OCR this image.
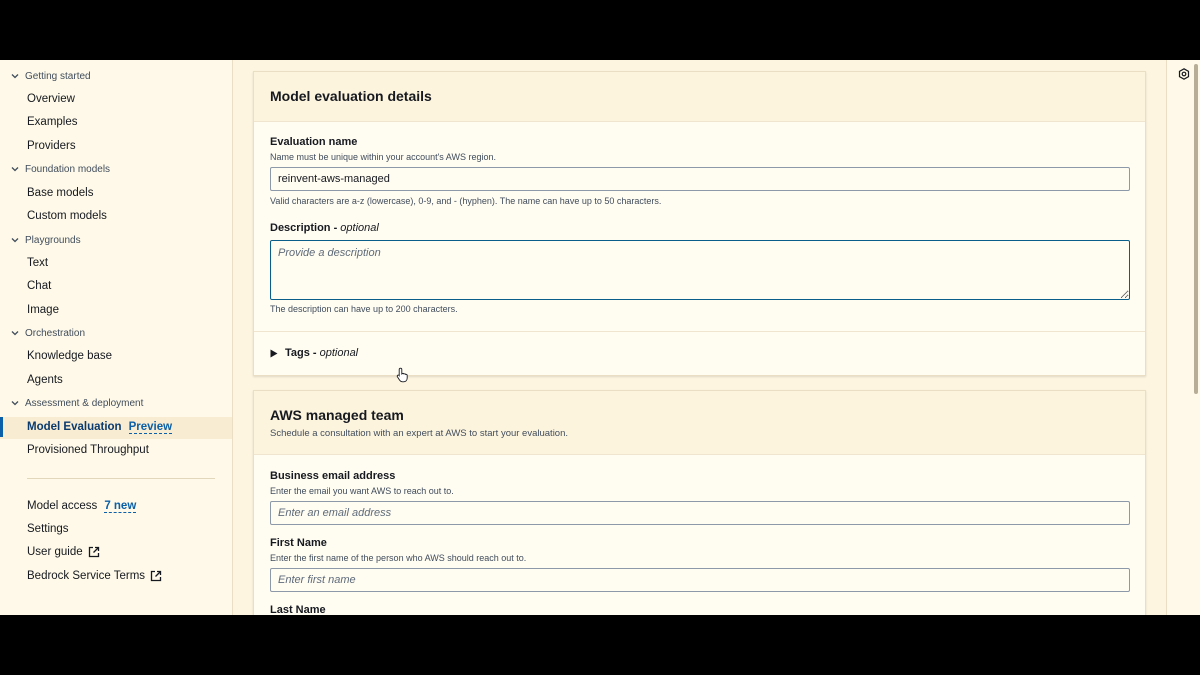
Getting started
Overview
Examples
Providers
Foundation models
Base models
Custom models
Playgrounds
Text
Chat
Image
Orchestration
Knowledge base
Agents
Assessment & deployment
Model Evaluation Preview
Provisioned Throughput
Model access 7 new
Settings
User guide
Bedrock Service Terms
Model evaluation details
Evaluation name
Name must be unique within your account's AWS region.
reinvent-aws-managed
Valid characters are a-z (lowercase), 0-9, and - (hyphen). The name can have up to 50 characters.
Description - optional
Provide a description
The description can have up to 200 characters.
Tags - optional
AWS managed team
Schedule a consultation with an expert at AWS to start your evaluation.
Business email address
Enter the email you want AWS to reach out to.
Enter an email address
First Name
Enter the first name of the person who AWS should reach out to.
Enter first name
Last Name
